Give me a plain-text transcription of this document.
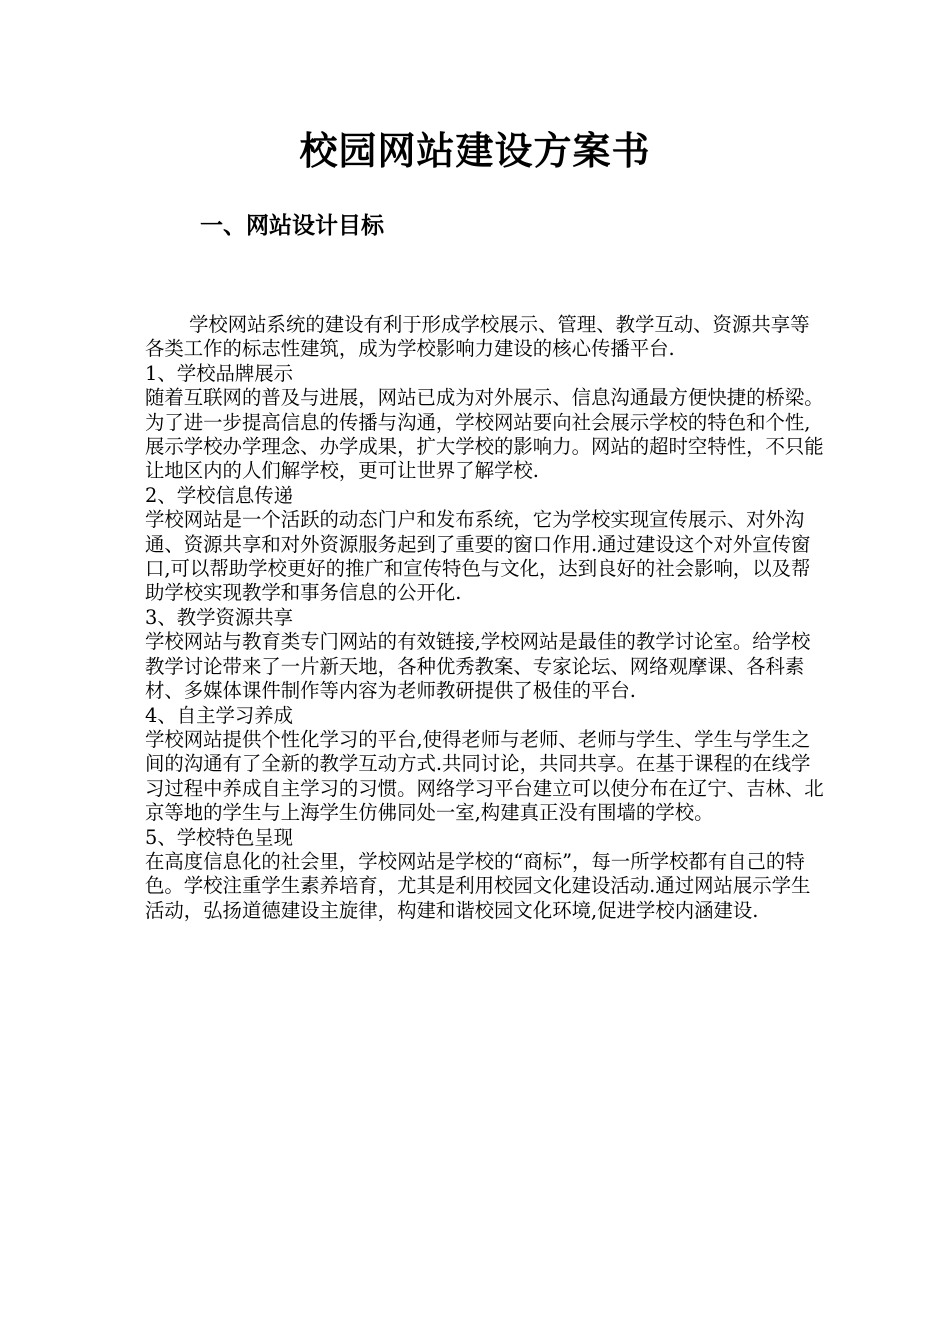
校园网站建设方案书
一、网站设计目标

学校网站系统的建设有利于形成学校展示、管理、教学互动、资源共享等各类工作的标志性建筑，成为学校影响力建设的核心传播平台.

1、学校品牌展示

随着互联网的普及与进展，网站已成为对外展示、信息沟通最方便快捷的桥梁。为了进一步提高信息的传播与沟通，学校网站要向社会展示学校的特色和个性,展示学校办学理念、办学成果，扩大学校的影响力。网站的超时空特性，不只能让地区内的人们解学校，更可让世界了解学校.

2、学校信息传递

学校网站是一个活跃的动态门户和发布系统，它为学校实现宣传展示、对外沟通、资源共享和对外资源服务起到了重要的窗口作用.通过建设这个对外宣传窗口,可以帮助学校更好的推广和宣传特色与文化，达到良好的社会影响，以及帮助学校实现教学和事务信息的公开化.

3、教学资源共享

学校网站与教育类专门网站的有效链接,学校网站是最佳的教学讨论室。给学校教学讨论带来了一片新天地，各种优秀教案、专家论坛、网络观摩课、各科素材、多媒体课件制作等内容为老师教研提供了极佳的平台.

4、自主学习养成

学校网站提供个性化学习的平台,使得老师与老师、老师与学生、学生与学生之间的沟通有了全新的教学互动方式.共同讨论，共同共享。在基于课程的在线学习过程中养成自主学习的习惯。网络学习平台建立可以使分布在辽宁、吉林、北京等地的学生与上海学生仿佛同处一室,构建真正没有围墙的学校。

5、学校特色呈现

在高度信息化的社会里，学校网站是学校的“商标”，每一所学校都有自己的特色。学校注重学生素养培育，尤其是利用校园文化建设活动.通过网站展示学生活动，弘扬道德建设主旋律，构建和谐校园文化环境,促进学校内涵建设.
